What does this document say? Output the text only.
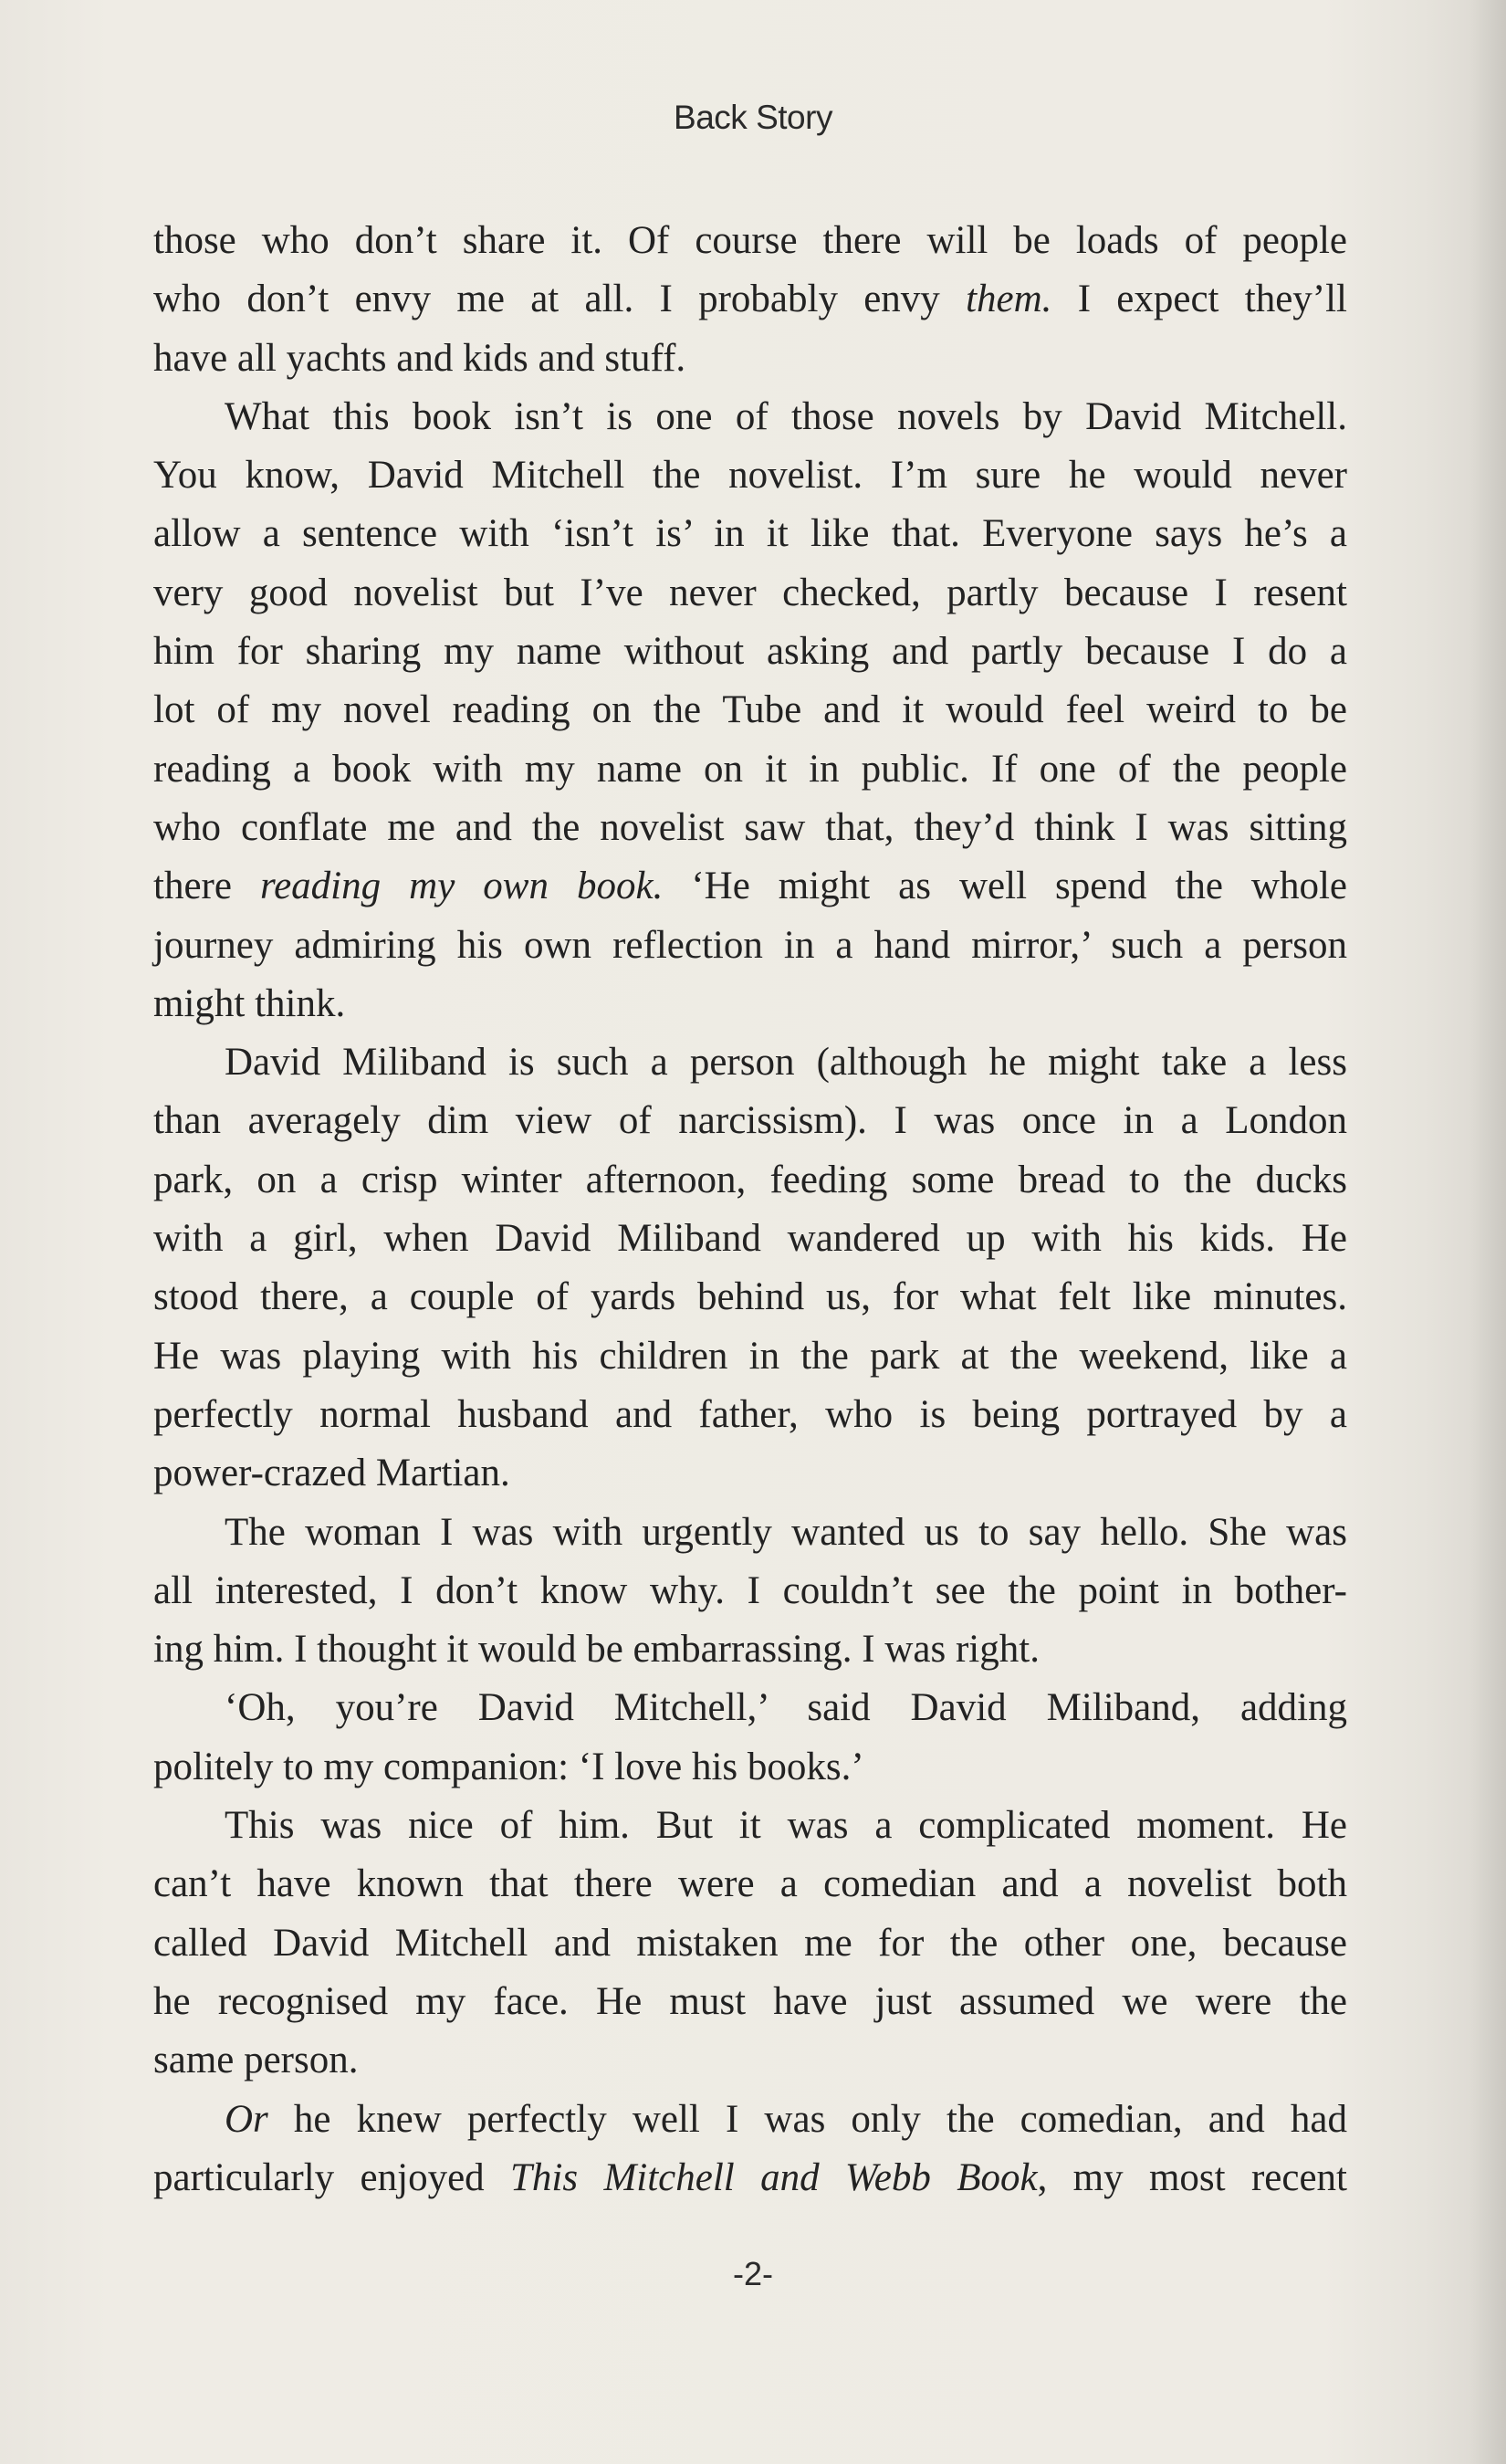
Back Story
those who don’t share it. Of course there will be loads of people
who don’t envy me at all. I probably envy them. I expect they’ll
have all yachts and kids and stuff.
What this book isn’t is one of those novels by David Mitchell.
You know, David Mitchell the novelist. I’m sure he would never
allow a sentence with ‘isn’t is’ in it like that. Everyone says he’s a
very good novelist but I’ve never checked, partly because I resent
him for sharing my name without asking and partly because I do a
lot of my novel reading on the Tube and it would feel weird to be
reading a book with my name on it in public. If one of the people
who conflate me and the novelist saw that, they’d think I was sitting
there reading my own book. ‘He might as well spend the whole
journey admiring his own reflection in a hand mirror,’ such a person
might think.
David Miliband is such a person (although he might take a less
than averagely dim view of narcissism). I was once in a London
park, on a crisp winter afternoon, feeding some bread to the ducks
with a girl, when David Miliband wandered up with his kids. He
stood there, a couple of yards behind us, for what felt like minutes.
He was playing with his children in the park at the weekend, like a
perfectly normal husband and father, who is being portrayed by a
power-crazed Martian.
The woman I was with urgently wanted us to say hello. She was
all interested, I don’t know why. I couldn’t see the point in bother-
ing him. I thought it would be embarrassing. I was right.
‘Oh, you’re David Mitchell,’ said David Miliband, adding
politely to my companion: ‘I love his books.’
This was nice of him. But it was a complicated moment. He
can’t have known that there were a comedian and a novelist both
called David Mitchell and mistaken me for the other one, because
he recognised my face. He must have just assumed we were the
same person.
Or he knew perfectly well I was only the comedian, and had
particularly enjoyed This Mitchell and Webb Book, my most recent
-2-
